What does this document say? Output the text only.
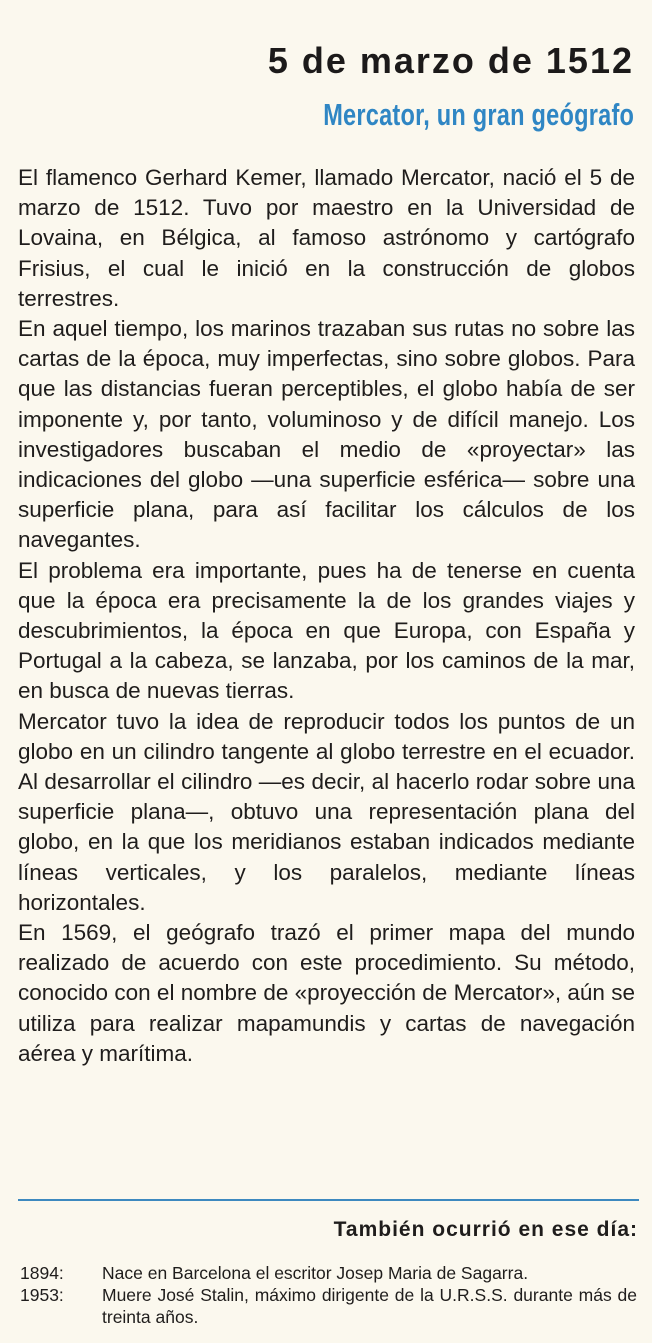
5 de marzo de 1512
Mercator, un gran geógrafo

El flamenco Gerhard Kemer, llamado Mercator, nació el 5 de marzo de 1512. Tuvo por maestro en la Universidad de Lovaina, en Bélgica, al famoso astrónomo y cartógrafo Frisius, el cual le inició en la construcción de globos terrestres.

En aquel tiempo, los marinos trazaban sus rutas no sobre las cartas de la época, muy imperfectas, sino sobre globos. Para que las distancias fueran perceptibles, el globo había de ser imponente y, por tanto, voluminoso y de difícil manejo. Los investigadores buscaban el medio de «proyectar» las indicaciones del globo —una superficie esférica— sobre una superficie plana, para así facilitar los cálculos de los navegantes.

El problema era importante, pues ha de tenerse en cuenta que la época era precisamente la de los grandes viajes y descubrimientos, la época en que Europa, con España y Portugal a la cabeza, se lanzaba, por los caminos de la mar, en busca de nuevas tierras.

Mercator tuvo la idea de reproducir todos los puntos de un globo en un cilindro tangente al globo terrestre en el ecuador. Al desarrollar el cilindro —es decir, al hacerlo rodar sobre una superficie plana—, obtuvo una representación plana del globo, en la que los meridianos estaban indicados mediante líneas verticales, y los paralelos, mediante líneas horizontales.

En 1569, el geógrafo trazó el primer mapa del mundo realizado de acuerdo con este procedimiento. Su método, conocido con el nombre de «proyección de Mercator», aún se utiliza para realizar mapamundis y cartas de navegación aérea y marítima.

También ocurrió en ese día:
1894:	Nace en Barcelona el escritor Josep Maria de Sagarra.
1953:	Muere José Stalin, máximo dirigente de la U.R.S.S. durante más de treinta años.
